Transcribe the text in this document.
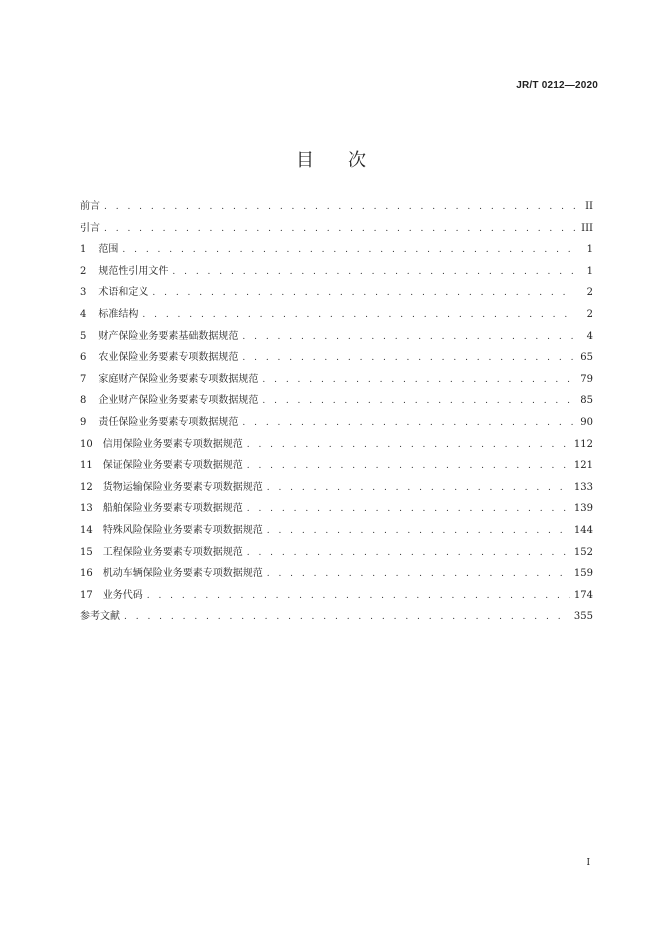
JR/T 0212—2020
目次
前言 . . .	II
引言 . . .	III
1 范围 . . .	1
2 规范性引用文件 . . .	1
3 术语和定义 . . .	2
4 标准结构 . . .	2
5 财产保险业务要素基础数据规范 . . .	4
6 农业保险业务要素专项数据规范 . . .	65
7 家庭财产保险业务要素专项数据规范 . . .	79
8 企业财产保险业务要素专项数据规范 . . .	85
9 责任保险业务要素专项数据规范 . . .	90
10 信用保险业务要素专项数据规范 . . .	112
11 保证保险业务要素专项数据规范 . . .	121
12 货物运输保险业务要素专项数据规范 . . .	133
13 船舶保险业务要素专项数据规范 . . .	139
14 特殊风险保险业务要素专项数据规范 . . .	144
15 工程保险业务要素专项数据规范 . . .	152
16 机动车辆保险业务要素专项数据规范 . . .	159
17 业务代码 . . .	174
参考文献 . . .	355
I
